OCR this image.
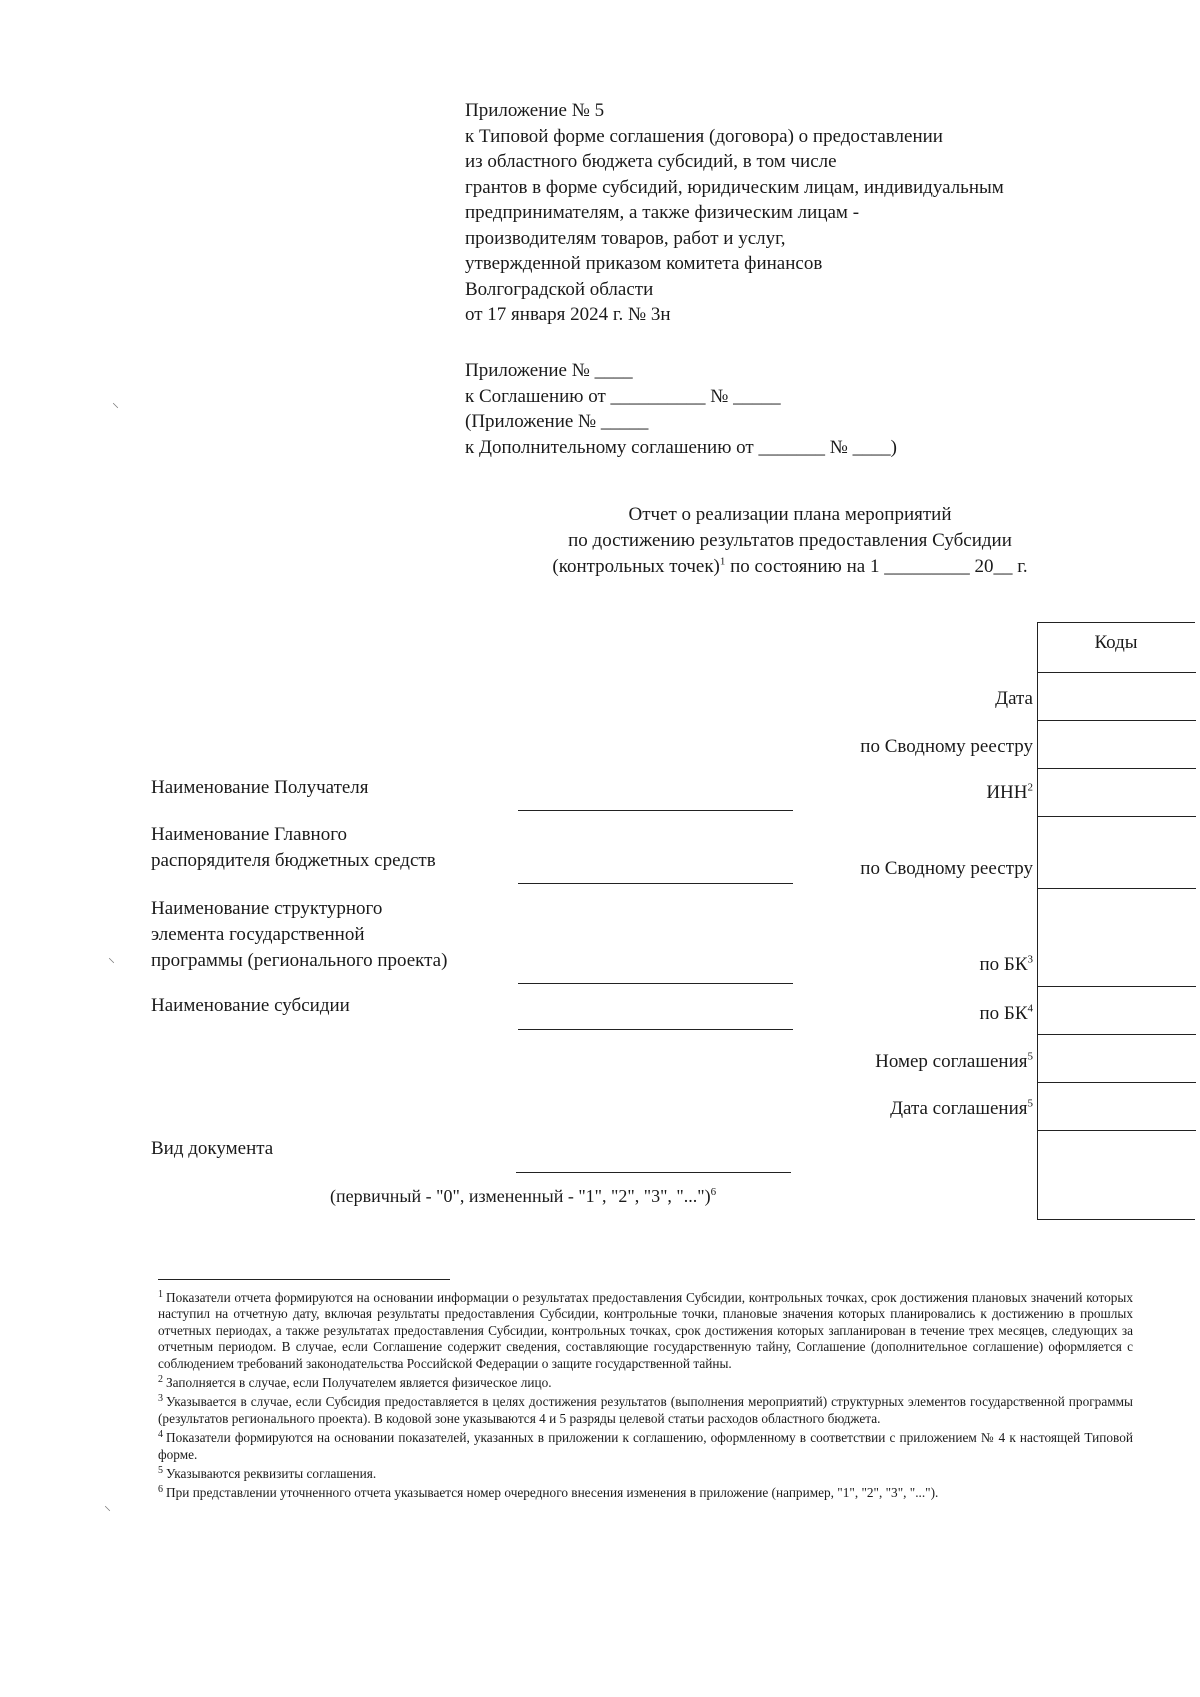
Приложение № 5
к Типовой форме соглашения (договора) о предоставлении
из областного бюджета субсидий, в том числе
грантов в форме субсидий, юридическим лицам, индивидуальным
предпринимателям, а также физическим лицам -
производителям товаров, работ и услуг,
утвержденной приказом комитета финансов
Волгоградской области
от 17 января 2024 г. № 3н
Приложение № ____
к Соглашению от __________ № _____
(Приложение № _____
к Дополнительному соглашению от _______ № ____)
Отчет о реализации плана мероприятий
по достижению результатов предоставления Субсидии
(контрольных точек)$^1$ по состоянию на 1 _________ 20__ г.
Коды
Дата
по Сводному реестру
ИНН$^2$
по Сводному реестру
по $БК^3$
по $БК^4$
Номер соглашения$^5$
Дата соглашения$^5$
Наименование Получателя
Наименование Главного
распорядителя бюджетных средств
Наименование структурного
элемента государственной
программы (регионального проекта)
Наименование субсидии
Вид документа
(первичный - "0", измененный - "1", "2", "3", "...")$^6$
$^1$ Показатели отчета формируются на основании информации о результатах предоставления Субсидии, контрольных точках, срок достижения плановых значений которых наступил на отчетную дату, включая результаты предоставления Субсидии, контрольные точки, плановые значения которых планировались к достижению в прошлых отчетных периодах, а также результатах предоставления Субсидии, контрольных точках, срок достижения которых запланирован в течение трех месяцев, следующих за отчетным периодом. В случае, если Соглашение содержит сведения, составляющие государственную тайну, Соглашение (дополнительное соглашение) оформляется с соблюдением требований законодательства Российской Федерации о защите государственной тайны.
$^2$ Заполняется в случае, если Получателем является физическое лицо.
$^3$ Указывается в случае, если Субсидия предоставляется в целях достижения результатов (выполнения мероприятий) структурных элементов государственной программы (результатов регионального проекта). В кодовой зоне указываются 4 и 5 разряды целевой статьи расходов областного бюджета.
$^4$ Показатели формируются на основании показателей, указанных в приложении к соглашению, оформленному в соответствии с приложением № 4 к настоящей Типовой форме.
$^5$ Указываются реквизиты соглашения.
$^6$ При представлении уточненного отчета указывается номер очередного внесения изменения в приложение (например, "1", "2", "3", "...").
⸜
⸜
⸜
